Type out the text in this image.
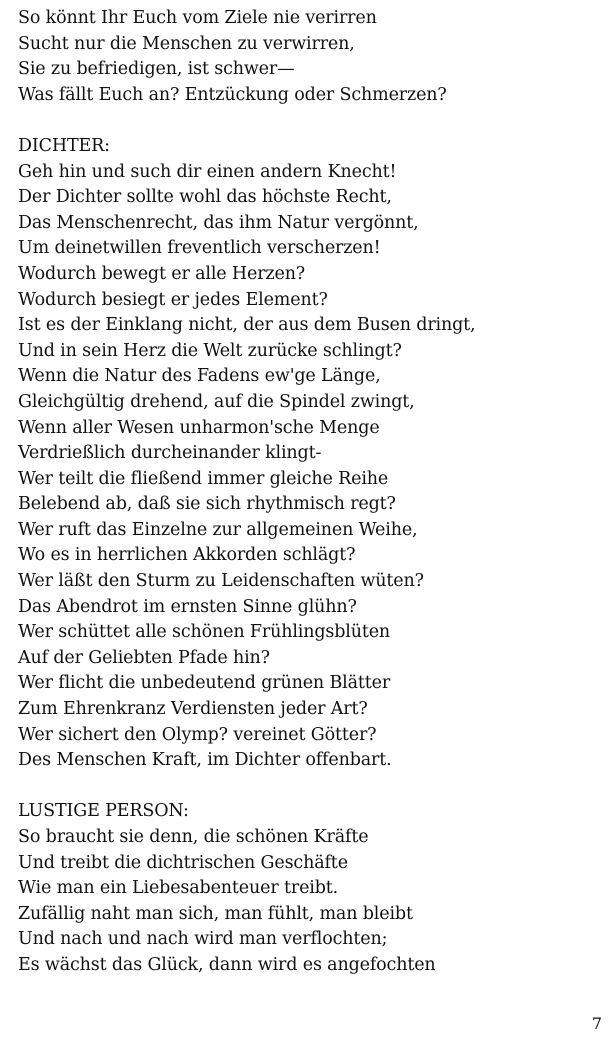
So könnt Ihr Euch vom Ziele nie verirren
Sucht nur die Menschen zu verwirren,
Sie zu befriedigen, ist schwer—
Was fällt Euch an? Entzückung oder Schmerzen?
DICHTER:
Geh hin und such dir einen andern Knecht!
Der Dichter sollte wohl das höchste Recht,
Das Menschenrecht, das ihm Natur vergönnt,
Um deinetwillen freventlich verscherzen!
Wodurch bewegt er alle Herzen?
Wodurch besiegt er jedes Element?
Ist es der Einklang nicht, der aus dem Busen dringt,
Und in sein Herz die Welt zurücke schlingt?
Wenn die Natur des Fadens ew'ge Länge,
Gleichgültig drehend, auf die Spindel zwingt,
Wenn aller Wesen unharmon'sche Menge
Verdrießlich durcheinander klingt-
Wer teilt die fließend immer gleiche Reihe
Belebend ab, daß sie sich rhythmisch regt?
Wer ruft das Einzelne zur allgemeinen Weihe,
Wo es in herrlichen Akkorden schlägt?
Wer läßt den Sturm zu Leidenschaften wüten?
Das Abendrot im ernsten Sinne glühn?
Wer schüttet alle schönen Frühlingsblüten
Auf der Geliebten Pfade hin?
Wer flicht die unbedeutend grünen Blätter
Zum Ehrenkranz Verdiensten jeder Art?
Wer sichert den Olymp? vereinet Götter?
Des Menschen Kraft, im Dichter offenbart.
LUSTIGE PERSON:
So braucht sie denn, die schönen Kräfte
Und treibt die dichtrischen Geschäfte
Wie man ein Liebesabenteuer treibt.
Zufällig naht man sich, man fühlt, man bleibt
Und nach und nach wird man verflochten;
Es wächst das Glück, dann wird es angefochten
7
